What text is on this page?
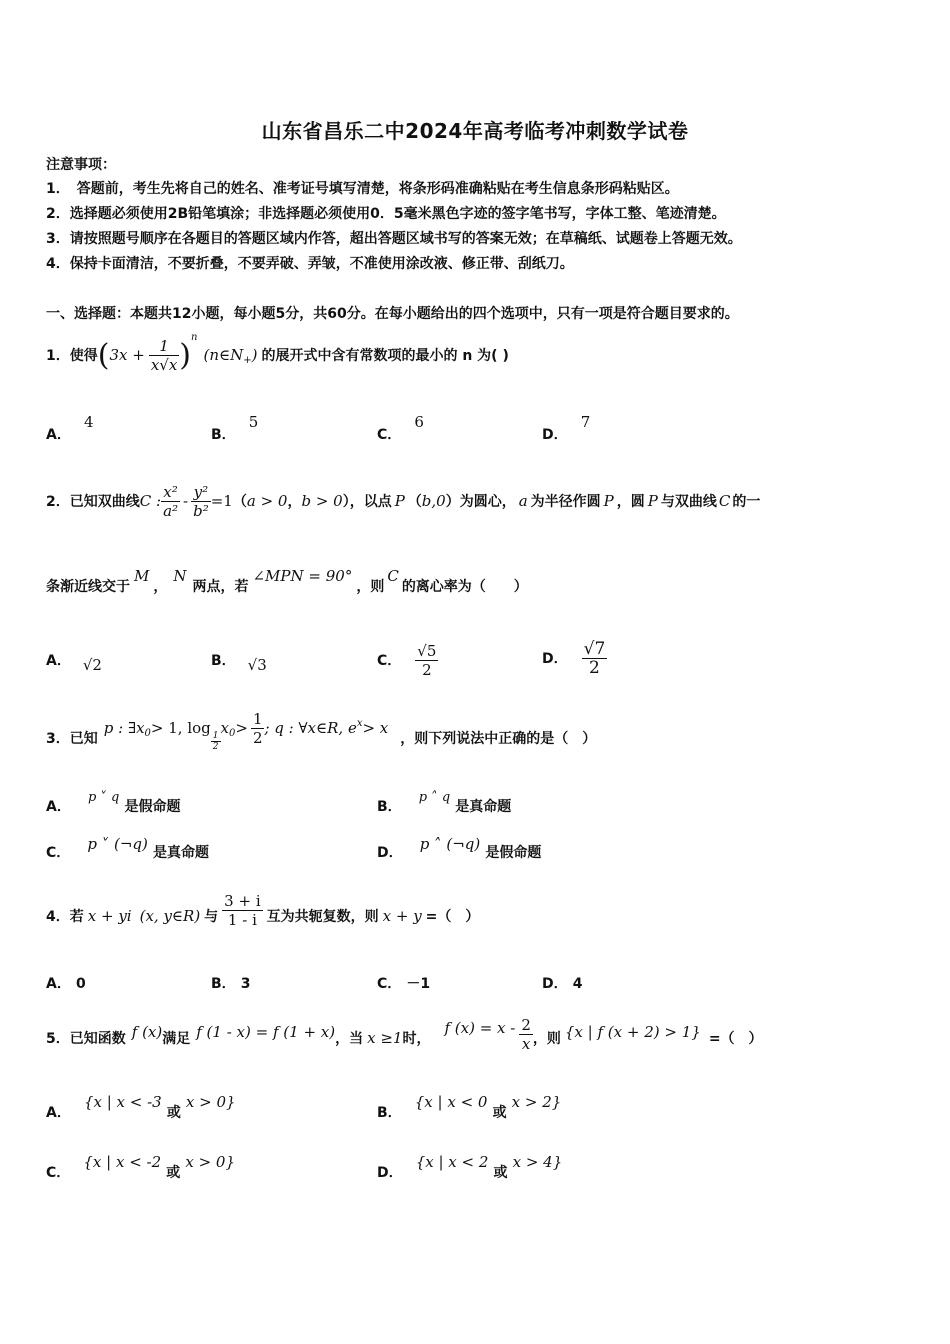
山东省昌乐二中2024年高考临考冲刺数学试卷
注意事项：
1．　答题前，考生先将自己的姓名、准考证号填写清楚，将条形码准确粘贴在考生信息条形码粘贴区。
2．选择题必须使用2B铅笔填涂；非选择题必须使用0．5毫米黑色字迹的签字笔书写，字体工整、笔迹清楚。
3．请按照题号顺序在各题目的答题区域内作答，超出答题区域书写的答案无效；在草稿纸、试题卷上答题无效。
4．保持卡面清洁，不要折叠，不要弄破、弄皱，不准使用涂改液、修正带、刮纸刀。
一、选择题：本题共12小题，每小题5分，共60分。在每小题给出的四个选项中，只有一项是符合题目要求的。
1．使得 ( $3x + \frac{1}{x√x}$ ) n
(n∈N + ) 的展开式中含有常数项的最小的 n 为( )
A． 4
B． 5
C． 6
D． 7
2．已知双曲线 C : $\frac{\text{x²}}{\text{a²}} - \frac{\text{y²}}{\text{b²}} =1$ （ a > 0 ， b > 0 ），以点 P （ b,0 ）为圆心， a 为半径作圆 P ，圆 P 与双曲线 C 的一
条渐近线交于
M
，
N
两点，若
∠MPN = 90°
，则
C
的离心率为（　　）
A． √2	B． √3	C． $\frac{√5}{2}$	D． $\frac{√7}{2}$
3．已知
p : ∃x 0 > 1, log
$\frac{1}{2}$
x $0 > \frac{1}{2}$ ; q : ∀x∈R, e x > x
，则下列说法中正确的是（　）
A． $^{p ˅ q}$ 是假命题	B． $^{p ˄ q}$ 是真命题
C． p ˅ (¬q) 是真命题	D． p ˄ (¬q) 是假命题
4．若 x + yi (x, y∈R) 与 $\frac{3 + i}{1 - i}$ 互为共轭复数，则 x + y =（　）
A． 0	B． 3	C． －1	D． 4
5．已知函数 f (x) 满足 f (1 - x) = f (1 + x) ，当 x ≥1 时，
f $(x) = x - \frac{2}{x}$ ，则 {x | f (x + 2) > 1} =（　）
A． {x | x < -3 或 x > 0}
B． {x | x < 0 或 x > 2}
C． {x | x < -2 或 x > 0}
D． {x | x < 2 或 x > 4}
